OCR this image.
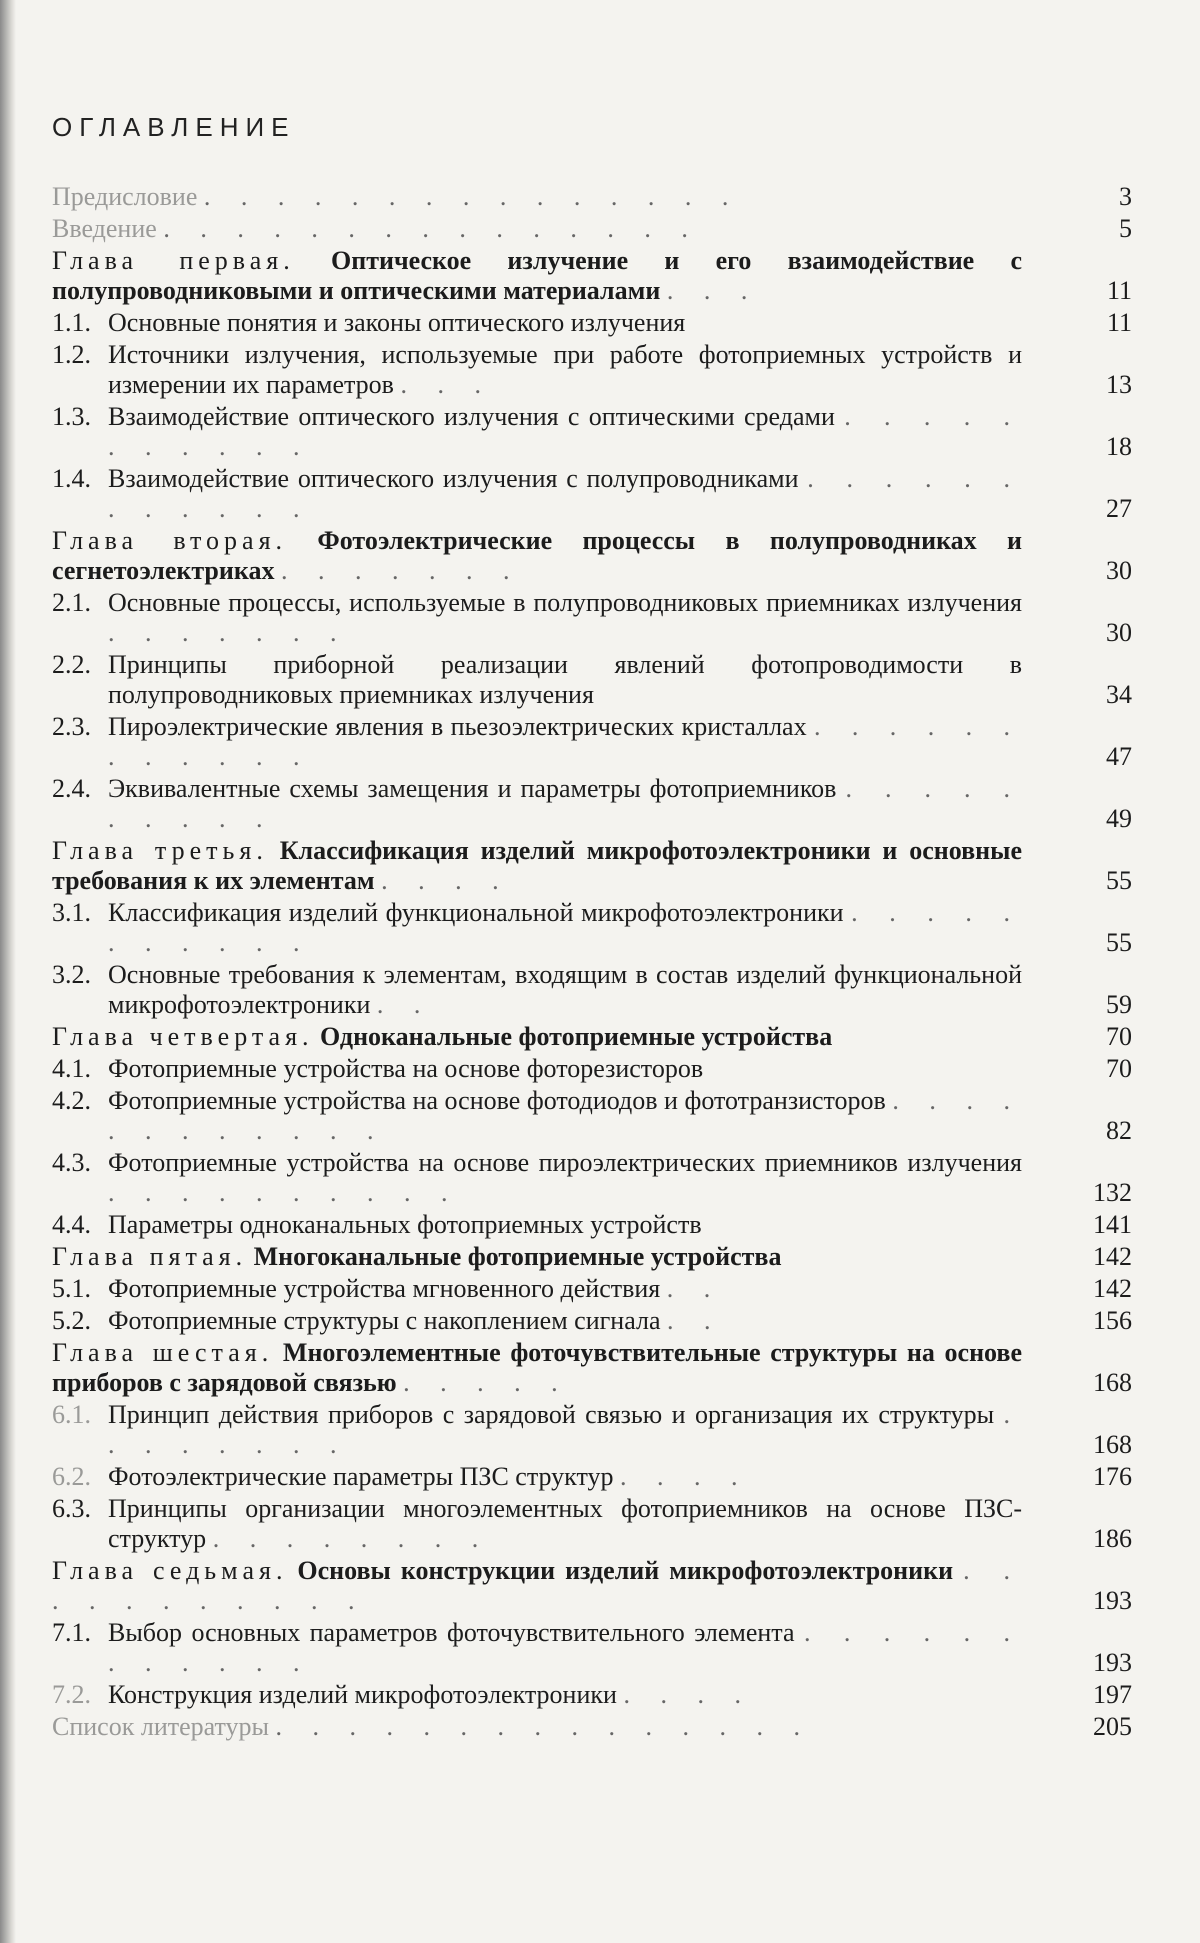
ОГЛАВЛЕНИЕ
Предисловие . . . . . . . . . . . . . . .	3
Введение . . . . . . . . . . . . . . .	5
Глава первая. Оптическое излучение и его взаимодействие с полупроводниковыми и оптическими материалами . . .	11
1.1. Основные понятия и законы оптического излучения	11
1.2. Источники излучения, используемые при работе фотоприемных устройств и измерении их параметров . . .	13
1.3. Взаимодействие оптического излучения с оптическими средами . . . . . . . . . . .	18
1.4. Взаимодействие оптического излучения с полупроводниками . . . . . . . . . . . .	27
Глава вторая. Фотоэлектрические процессы в полупроводниках и сегнетоэлектриках . . . . . . .	30
2.1. Основные процессы, используемые в полупроводниковых приемниках излучения . . . . . . .	30
2.2. Принципы приборной реализации явлений фотопроводимости в полупроводниковых приемниках излучения	34
2.3. Пироэлектрические явления в пьезоэлектрических кристаллах . . . . . . . . . . . .	47
2.4. Эквивалентные схемы замещения и параметры фотоприемников . . . . . . . . . .	49
Глава третья. Классификация изделий микрофотоэлектроники и основные требования к их элементам . . . .	55
3.1. Классификация изделий функциональной микрофотоэлектроники . . . . . . . . . . .	55
3.2. Основные требования к элементам, входящим в состав изделий функциональной микрофотоэлектроники . .	59
Глава четвертая. Одноканальные фотоприемные устройства	70
4.1. Фотоприемные устройства на основе фоторезисторов	70
4.2. Фотоприемные устройства на основе фотодиодов и фототранзисторов . . . . . . . . . . . .	82
4.3. Фотоприемные устройства на основе пироэлектрических приемников излучения . . . . . . . . . .	132
4.4. Параметры одноканальных фотоприемных устройств	141
Глава пятая. Многоканальные фотоприемные устройства	142
5.1. Фотоприемные устройства мгновенного действия . .	142
5.2. Фотоприемные структуры с накоплением сигнала . .	156
Глава шестая. Многоэлементные фоточувствительные структуры на основе приборов с зарядовой связью . . . . .	168
6.1. Принцип действия приборов с зарядовой связью и организация их структуры . . . . . . . .	168
6.2. Фотоэлектрические параметры ПЗС структур . . . .	176
6.3. Принципы организации многоэлементных фотоприемников на основе ПЗС-структур . . . . . . . .	186
Глава седьмая. Основы конструкции изделий микрофотоэлектроники . . . . . . . . . . .	193
7.1. Выбор основных параметров фоточувствительного элемента . . . . . . . . . . . .	193
7.2. Конструкция изделий микрофотоэлектроники . . . .	197
Список литературы . . . . . . . . . . . . . . .	205
